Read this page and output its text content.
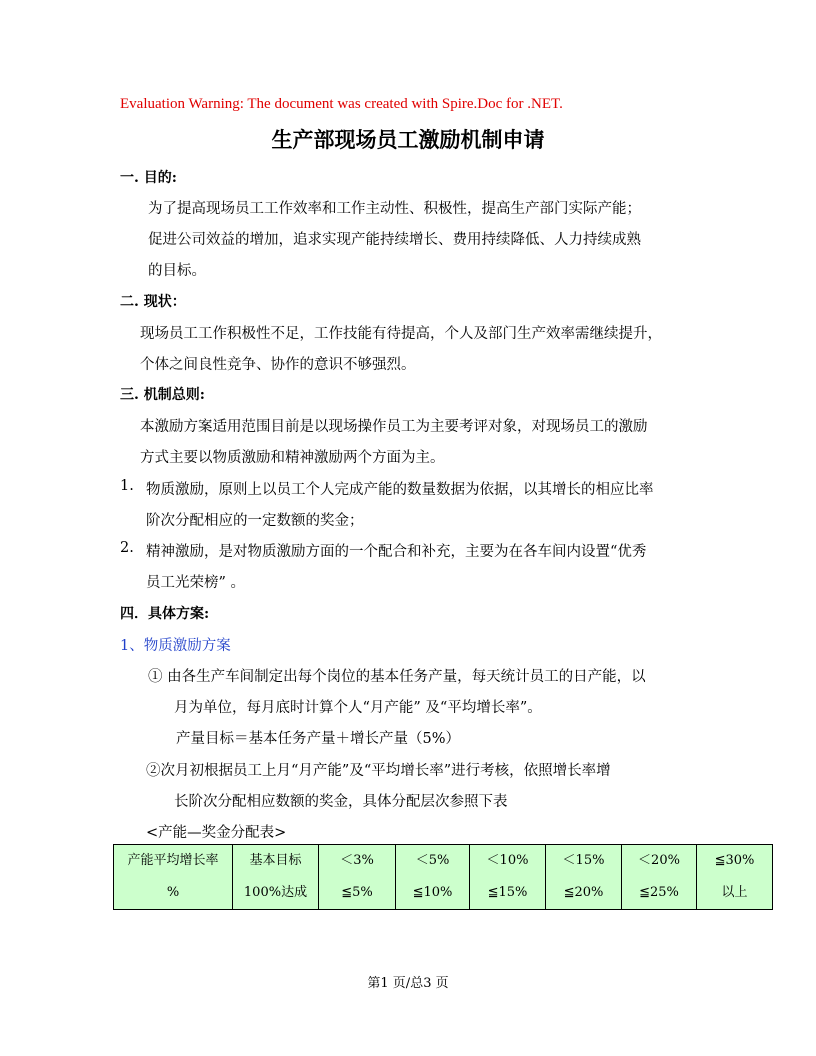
Evaluation Warning: The document was created with Spire.Doc for .NET.
生产部现场员工激励机制申请
一. 目的:
为了提高现场员工工作效率和工作主动性、积极性，提高生产部门实际产能；
促进公司效益的增加，追求实现产能持续增长、费用持续降低、人力持续成熟
的目标。
二. 现状：
现场员工工作积极性不足，工作技能有待提高，个人及部门生产效率需继续提升，
个体之间良性竞争、协作的意识不够强烈。
三. 机制总则:
本激励方案适用范围目前是以现场操作员工为主要考评对象，对现场员工的激励
方式主要以物质激励和精神激励两个方面为主。
1. 物质激励，原则上以员工个人完成产能的数量数据为依据，以其增长的相应比率
阶次分配相应的一定数额的奖金；
2. 精神激励，是对物质激励方面的一个配合和补充，主要为在各车间内设置“优秀
员工光荣榜” 。
四．具体方案:
1、物质激励方案
① 由各生产车间制定出每个岗位的基本任务产量，每天统计员工的日产能，以
月为单位，每月底时计算个人“月产能” 及“平均增长率”。
产量目标＝基本任务产量＋增长产量（5%）
②次月初根据员工上月“月产能”及“平均增长率”进行考核，依照增长率增
长阶次分配相应数额的奖金，具体分配层次参照下表
<产能—奖金分配表>
产能平均增长率
%

基本目标
100%达成

＜3%
≦5%

＜5%
≦10%

＜10%
≦15%

＜15%
≦20%

＜20%
≦25%

≦30%
以上
第1 页/总3 页
